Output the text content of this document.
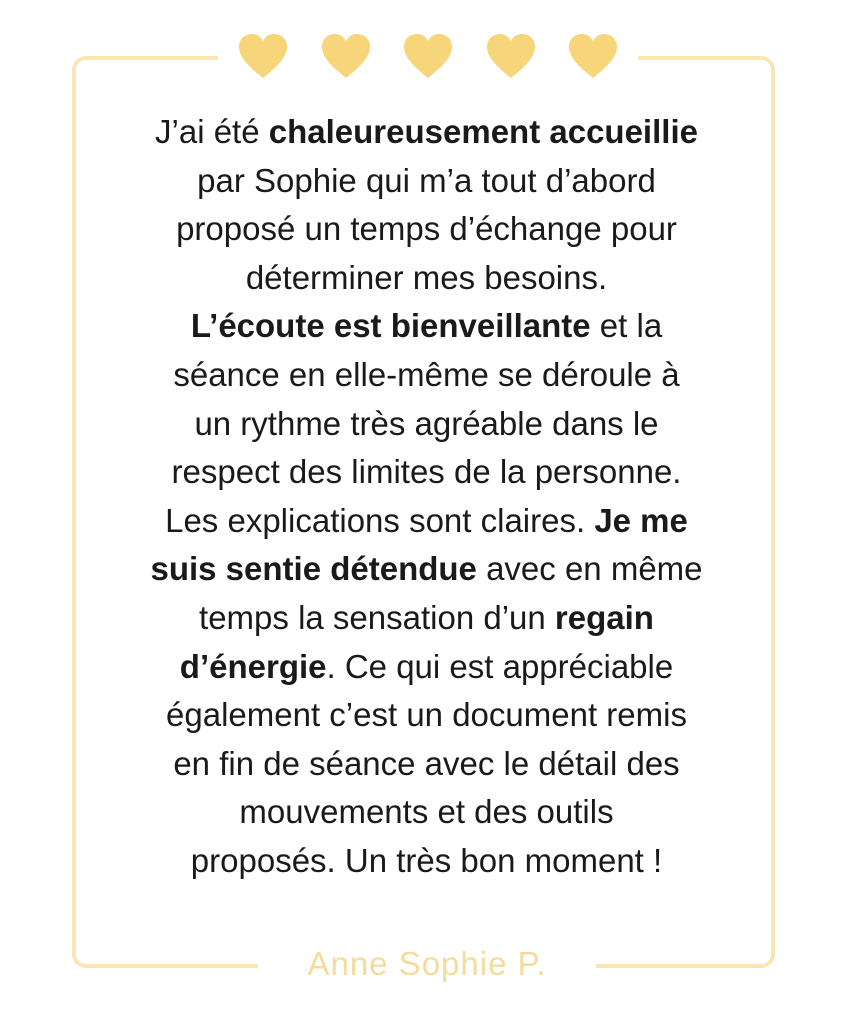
J’ai été chaleureusement accueillie
par Sophie qui m’a tout d’abord
proposé un temps d’échange pour
déterminer mes besoins.
L’écoute est bienveillante et la
séance en elle-même se déroule à
un rythme très agréable dans le
respect des limites de la personne.
Les explications sont claires. Je me
suis sentie détendue avec en même
temps la sensation d’un regain
d’énergie. Ce qui est appréciable
également c’est un document remis
en fin de séance avec le détail des
mouvements et des outils
proposés. Un très bon moment !

Anne Sophie P.
